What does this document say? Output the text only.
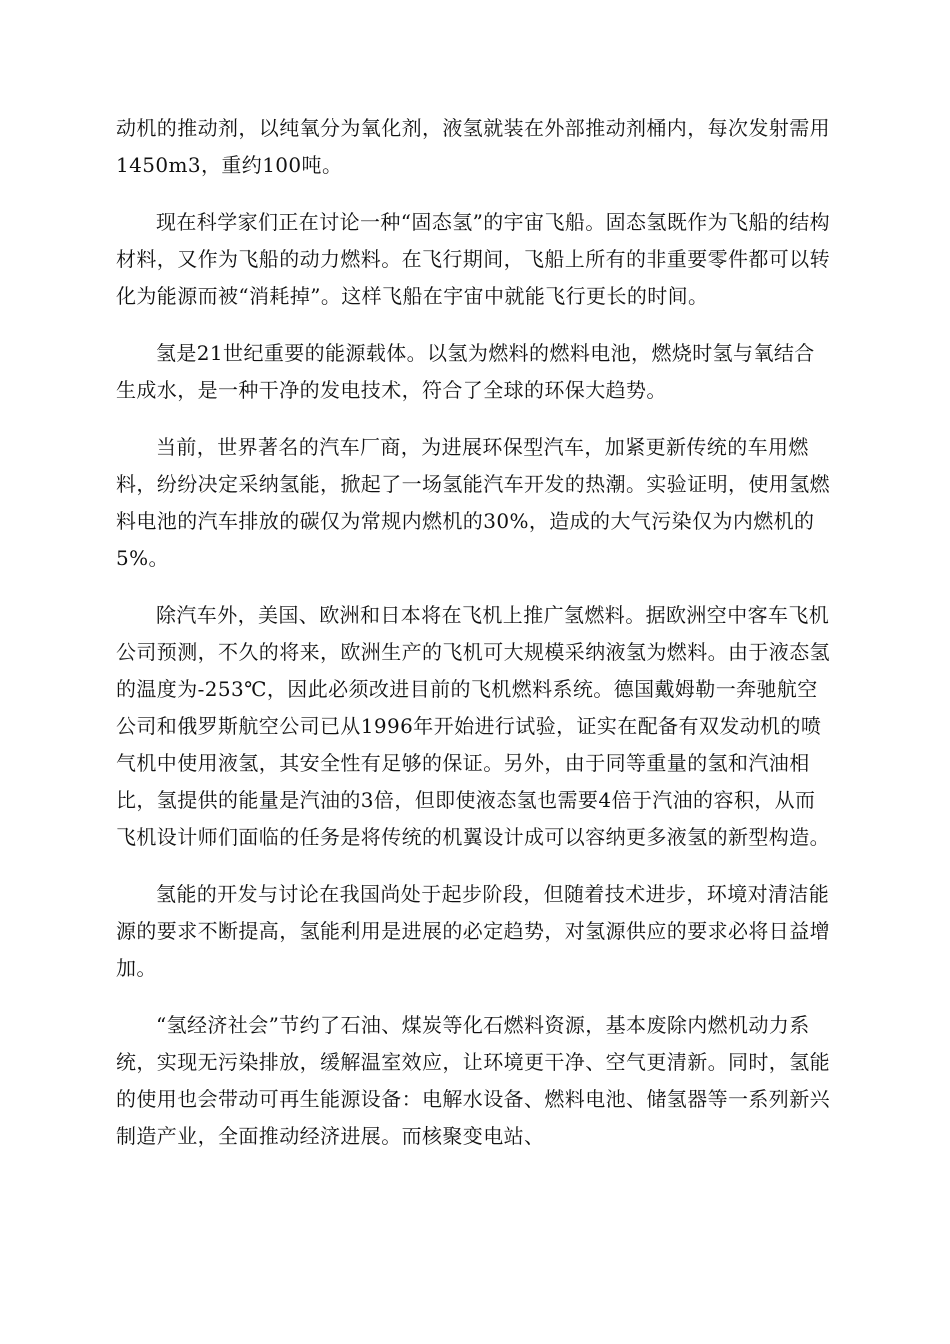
动机的推动剂，以纯氧分为氧化剂，液氢就装在外部推动剂桶内，每次发射需用1450m3，重约100吨。

现在科学家们正在讨论一种“固态氢”的宇宙飞船。固态氢既作为飞船的结构材料，又作为飞船的动力燃料。在飞行期间，飞船上所有的非重要零件都可以转化为能源而被“消耗掉”。这样飞船在宇宙中就能飞行更长的时间。

氢是21世纪重要的能源载体。以氢为燃料的燃料电池，燃烧时氢与氧结合生成水，是一种干净的发电技术，符合了全球的环保大趋势。

当前，世界著名的汽车厂商，为进展环保型汽车，加紧更新传统的车用燃料，纷纷决定采纳氢能，掀起了一场氢能汽车开发的热潮。实验证明，使用氢燃料电池的汽车排放的碳仅为常规内燃机的30%，造成的大气污染仅为内燃机的5%。

除汽车外，美国、欧洲和日本将在飞机上推广氢燃料。据欧洲空中客车飞机公司预测，不久的将来，欧洲生产的飞机可大规模采纳液氢为燃料。由于液态氢的温度为-253℃，因此必须改进目前的飞机燃料系统。德国戴姆勒一奔驰航空公司和俄罗斯航空公司已从1996年开始进行试验，证实在配备有双发动机的喷气机中使用液氢，其安全性有足够的保证。另外，由于同等重量的氢和汽油相比，氢提供的能量是汽油的3倍，但即使液态氢也需要4倍于汽油的容积，从而飞机设计师们面临的任务是将传统的机翼设计成可以容纳更多液氢的新型构造。

氢能的开发与讨论在我国尚处于起步阶段，但随着技术进步，环境对清洁能源的要求不断提高，氢能利用是进展的必定趋势，对氢源供应的要求必将日益增加。

“氢经济社会”节约了石油、煤炭等化石燃料资源，基本废除内燃机动力系统，实现无污染排放，缓解温室效应，让环境更干净、空气更清新。同时，氢能的使用也会带动可再生能源设备：电解水设备、燃料电池、储氢器等一系列新兴制造产业，全面推动经济进展。而核聚变电站、
